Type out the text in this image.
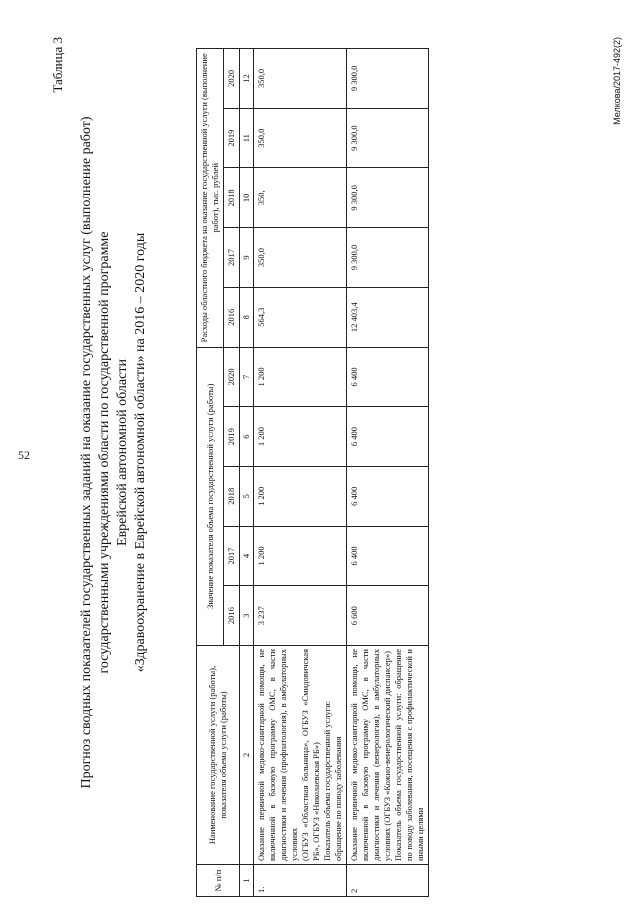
52
Таблица 3
Прогноз сводных показателей государственных заданий на оказание государственных услуг (выполнение работ) государственными учреждениями области по государственной программе Еврейской автономной области «Здравоохранение в Еврейской автономной области» на 2016 – 2020 годы
№ п/п	Наименование государственной услуги (работы), показателя объема услуги (работы)	Значение показателя объема государственной услуги (работы)					Расходы областного бюджета на оказание государственной услуги (выполнение работ), тыс. рублей				
		2016	2017	2018	2019	2020	2016	2017	2018	2019	2020
1	2	3	4	5	6	7	8	9	10	11	12
1.	Оказание первичной медико-санитарной помощи, не включенной в базовую программу ОМС, в части диагностики и лечения (профпатология), в амбулаторных условиях (ОГБУЗ «Областная больница», ОГБУЗ «Смидовичская РБ», ОГБУЗ «Николаевская РБ») Показатель объема государственной услуги: обращение по поводу заболевания	3 237	1 200	1 200	1 200	1 200	564,3	350,0	350,	350,0	350,0
2	Оказание первичной медико-санитарной помощи, не включенной в базовую программу ОМС, в части диагностики и лечения (венерология), в амбулаторных условиях (ОГБУЗ «Кожно-венерологический диспансер») Показатель объема государственной услуги: обращение по поводу заболевания, посещения с профилактической и иными целями	6 600	6 400	6 400	6 400	6 400	12 403,4	9 300,0	9 300,0	9 300,0	9 300,0	Мелкова/2017-492(2)
